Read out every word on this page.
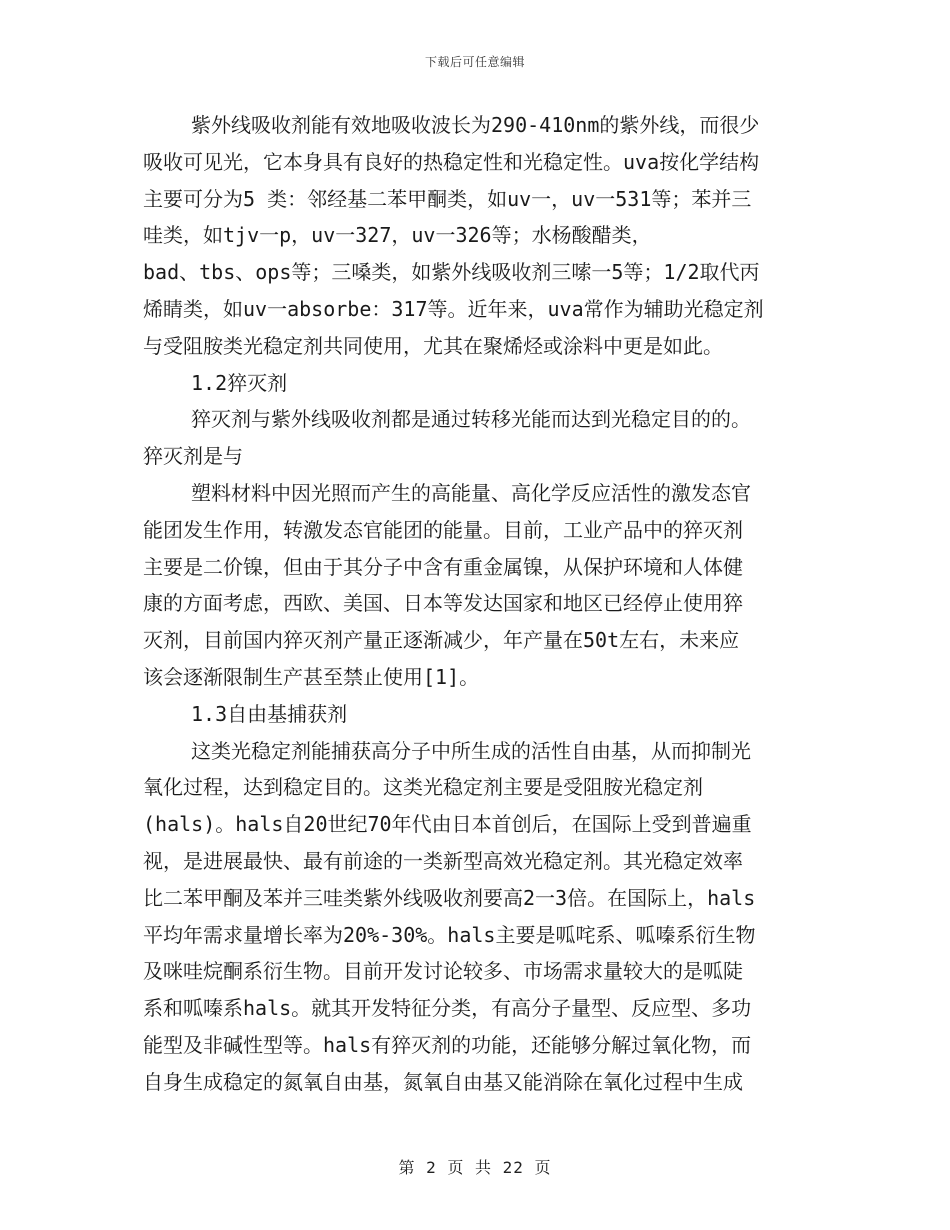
下载后可任意编辑
紫外线吸收剂能有效地吸收波长为290-410nm的紫外线，而很少
吸收可见光，它本身具有良好的热稳定性和光稳定性。uva按化学结构
主要可分为5 类：邻经基二苯甲酮类，如uv一，uv一531等；苯并三
哇类，如tjv一p，uv一327，uv一326等；水杨酸醋类，
bad、tbs、ops等；三嗓类，如紫外线吸收剂三嗦一5等；1/2取代丙
烯睛类，如uv一absorbe：317等。近年来，uva常作为辅助光稳定剂
与受阻胺类光稳定剂共同使用，尤其在聚烯烃或涂料中更是如此。
1.2猝灭剂
猝灭剂与紫外线吸收剂都是通过转移光能而达到光稳定目的的。
猝灭剂是与
塑料材料中因光照而产生的高能量、高化学反应活性的激发态官
能团发生作用，转激发态官能团的能量。目前，工业产品中的猝灭剂
主要是二价镍，但由于其分子中含有重金属镍，从保护环境和人体健
康的方面考虑，西欧、美国、日本等发达国家和地区已经停止使用猝
灭剂，目前国内猝灭剂产量正逐渐减少，年产量在50t左右，未来应
该会逐渐限制生产甚至禁止使用[1]。
1.3自由基捕获剂
这类光稳定剂能捕获高分子中所生成的活性自由基，从而抑制光
氧化过程，达到稳定目的。这类光稳定剂主要是受阻胺光稳定剂
(hals)。hals自20世纪70年代由日本首创后，在国际上受到普遍重
视，是进展最快、最有前途的一类新型高效光稳定剂。其光稳定效率
比二苯甲酮及苯并三哇类紫外线吸收剂要高2一3倍。在国际上，hals
平均年需求量增长率为20%-30%。hals主要是呱咤系、呱嗪系衍生物
及咪哇烷酮系衍生物。目前开发讨论较多、市场需求量较大的是呱陡
系和呱嗪系hals。就其开发特征分类，有高分子量型、反应型、多功
能型及非碱性型等。hals有猝灭剂的功能，还能够分解过氧化物，而
自身生成稳定的氮氧自由基，氮氧自由基又能消除在氧化过程中生成
第 2 页 共 22 页
